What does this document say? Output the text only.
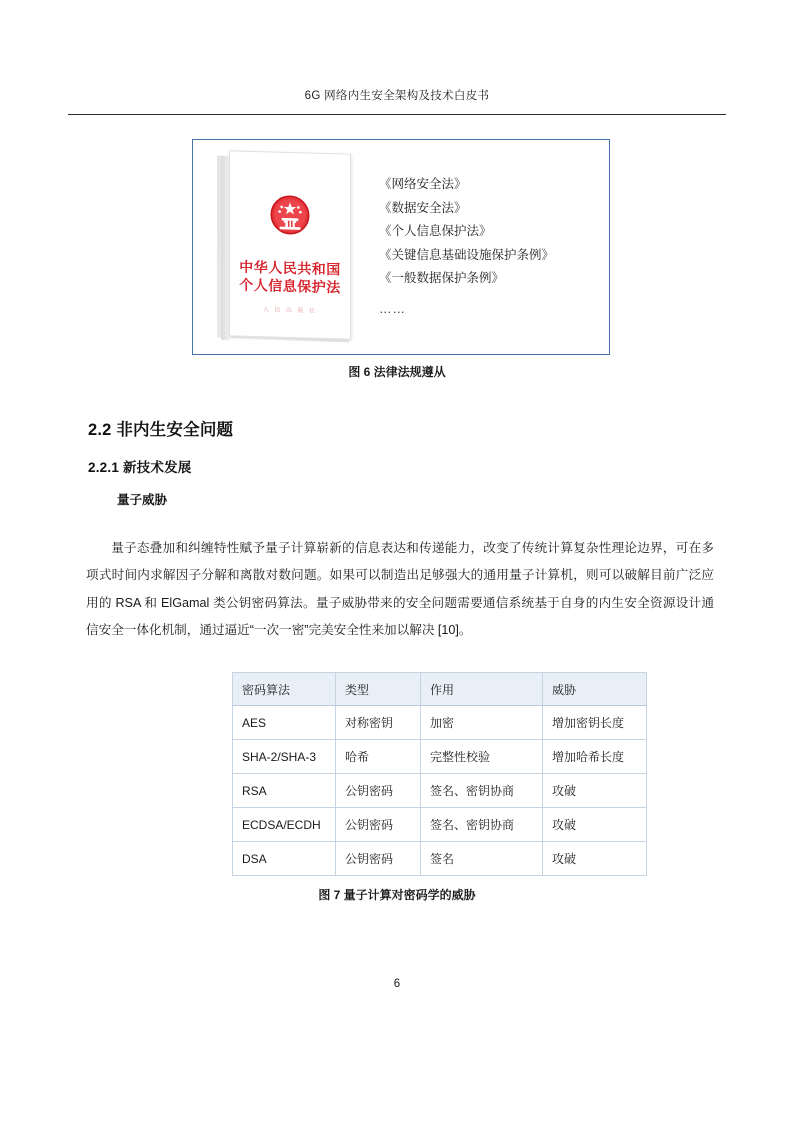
6G 网络内生安全架构及技术白皮书
中华人民共和国
个人信息保护法
人 民 出 版 社
《网络安全法》
《数据安全法》
《个人信息保护法》
《关键信息基础设施保护条例》
《一般数据保护条例》
……
图 6 法律法规遵从
2.2 非内生安全问题
2.2.1 新技术发展
量子威胁

量子态叠加和纠缠特性赋予量子计算崭新的信息表达和传递能力，改变了传统计算复杂性理论边界，可在多项式时间内求解因子分解和离散对数问题。如果可以制造出足够强大的通用量子计算机，则可以破解目前广泛应用的 RSA 和 ElGamal 类公钥密码算法。量子威胁带来的安全问题需要通信系统基于自身的内生安全资源设计通信安全一体化机制，通过逼近“一次一密”完美安全性来加以解决 [10]。

密码算法	类型	作用	威胁
AES	对称密钥	加密	增加密钥长度
SHA-2/SHA-3	哈希	完整性校验	增加哈希长度
RSA	公钥密码	签名、密钥协商	攻破
ECDSA/ECDH	公钥密码	签名、密钥协商	攻破
DSA	公钥密码	签名	攻破
图 7 量子计算对密码学的威胁
6
